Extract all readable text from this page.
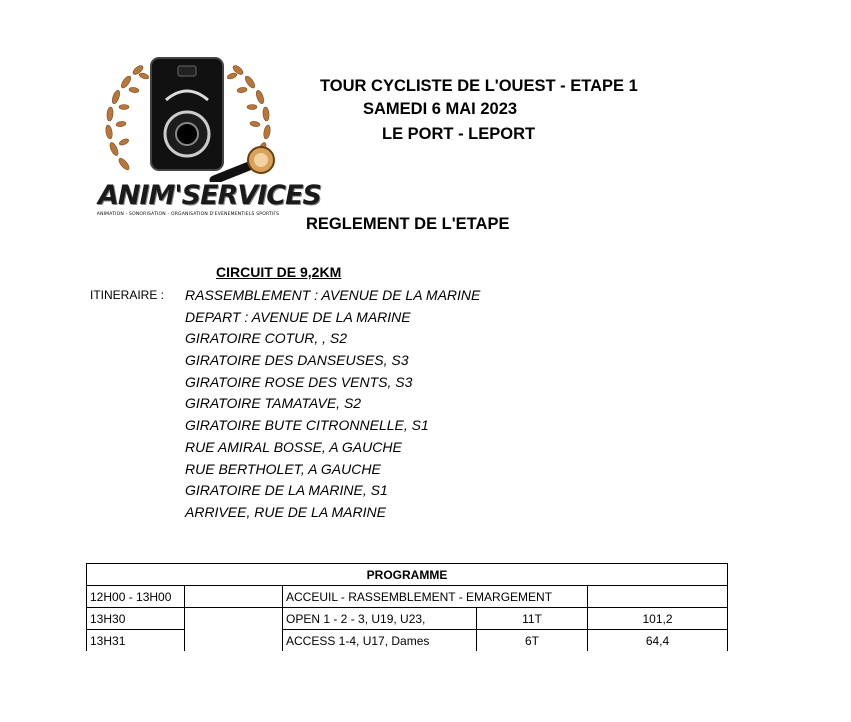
ANIM'SERVICES
ANIMATION - SONORISATION - ORGANISATION D'EVENEMENTIELS SPORTIFS
TOUR CYCLISTE DE L'OUEST - ETAPE 1
SAMEDI 6 MAI 2023
LE PORT - LEPORT
REGLEMENT DE L'ETAPE
CIRCUIT DE 9,2KM
ITINERAIRE : RASSEMBLEMENT : AVENUE DE LA MARINE
DEPART : AVENUE DE LA MARINE
GIRATOIRE COTUR, , S2
GIRATOIRE DES DANSEUSES, S3
GIRATOIRE ROSE DES VENTS, S3
GIRATOIRE TAMATAVE, S2
GIRATOIRE BUTE CITRONNELLE, S1
RUE AMIRAL BOSSE, A GAUCHE
RUE BERTHOLET, A GAUCHE
GIRATOIRE DE LA MARINE, S1
ARRIVEE, RUE DE LA MARINE
PROGRAMME				
12H00 - 13H00		ACCEUIL - RASSEMBLEMENT - EMARGEMENT		
13H30		OPEN 1 - 2 - 3, U19, U23,	11T	101,2
13H31		ACCESS 1-4, U17, Dames	6T	64,4
